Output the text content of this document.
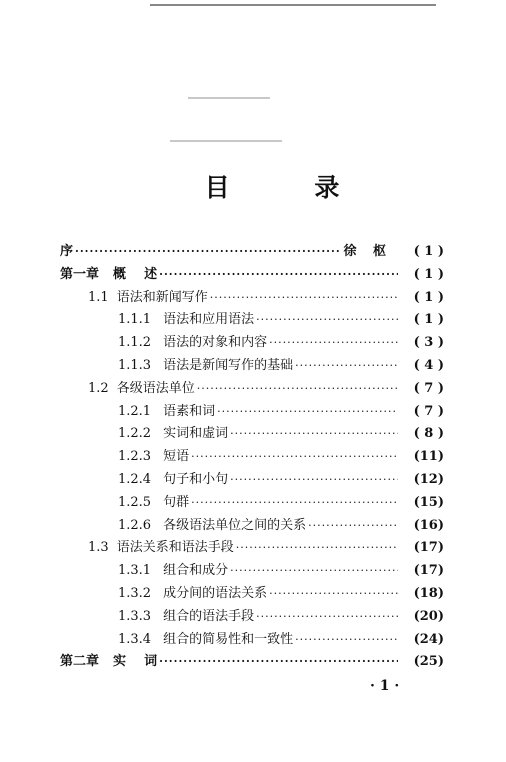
目 录
序 ·····	徐 枢	( 1 )
第一章 概    述 ·····	( 1 )
1.1 语法和新闻写作 ·····	( 1 )
1.1.1 语法和应用语法 ·····	( 1 )
1.1.2 语法的对象和内容 ·····	( 3 )
1.1.3 语法是新闻写作的基础 ·····	( 4 )
1.2 各级语法单位 ·····	( 7 )
1.2.1 语素和词 ·····	( 7 )
1.2.2 实词和虚词 ·····	( 8 )
1.2.3 短语 ·····	(11)
1.2.4 句子和小句 ·····	(12)
1.2.5 句群 ·····	(15)
1.2.6 各级语法单位之间的关系 ·····	(16)
1.3 语法关系和语法手段 ·····	(17)
1.3.1 组合和成分 ·····	(17)
1.3.2 成分间的语法关系 ·····	(18)
1.3.3 组合的语法手段 ·····	(20)
1.3.4 组合的简易性和一致性 ·····	(24)
第二章 实    词 ·····	(25)
· 1 ·
